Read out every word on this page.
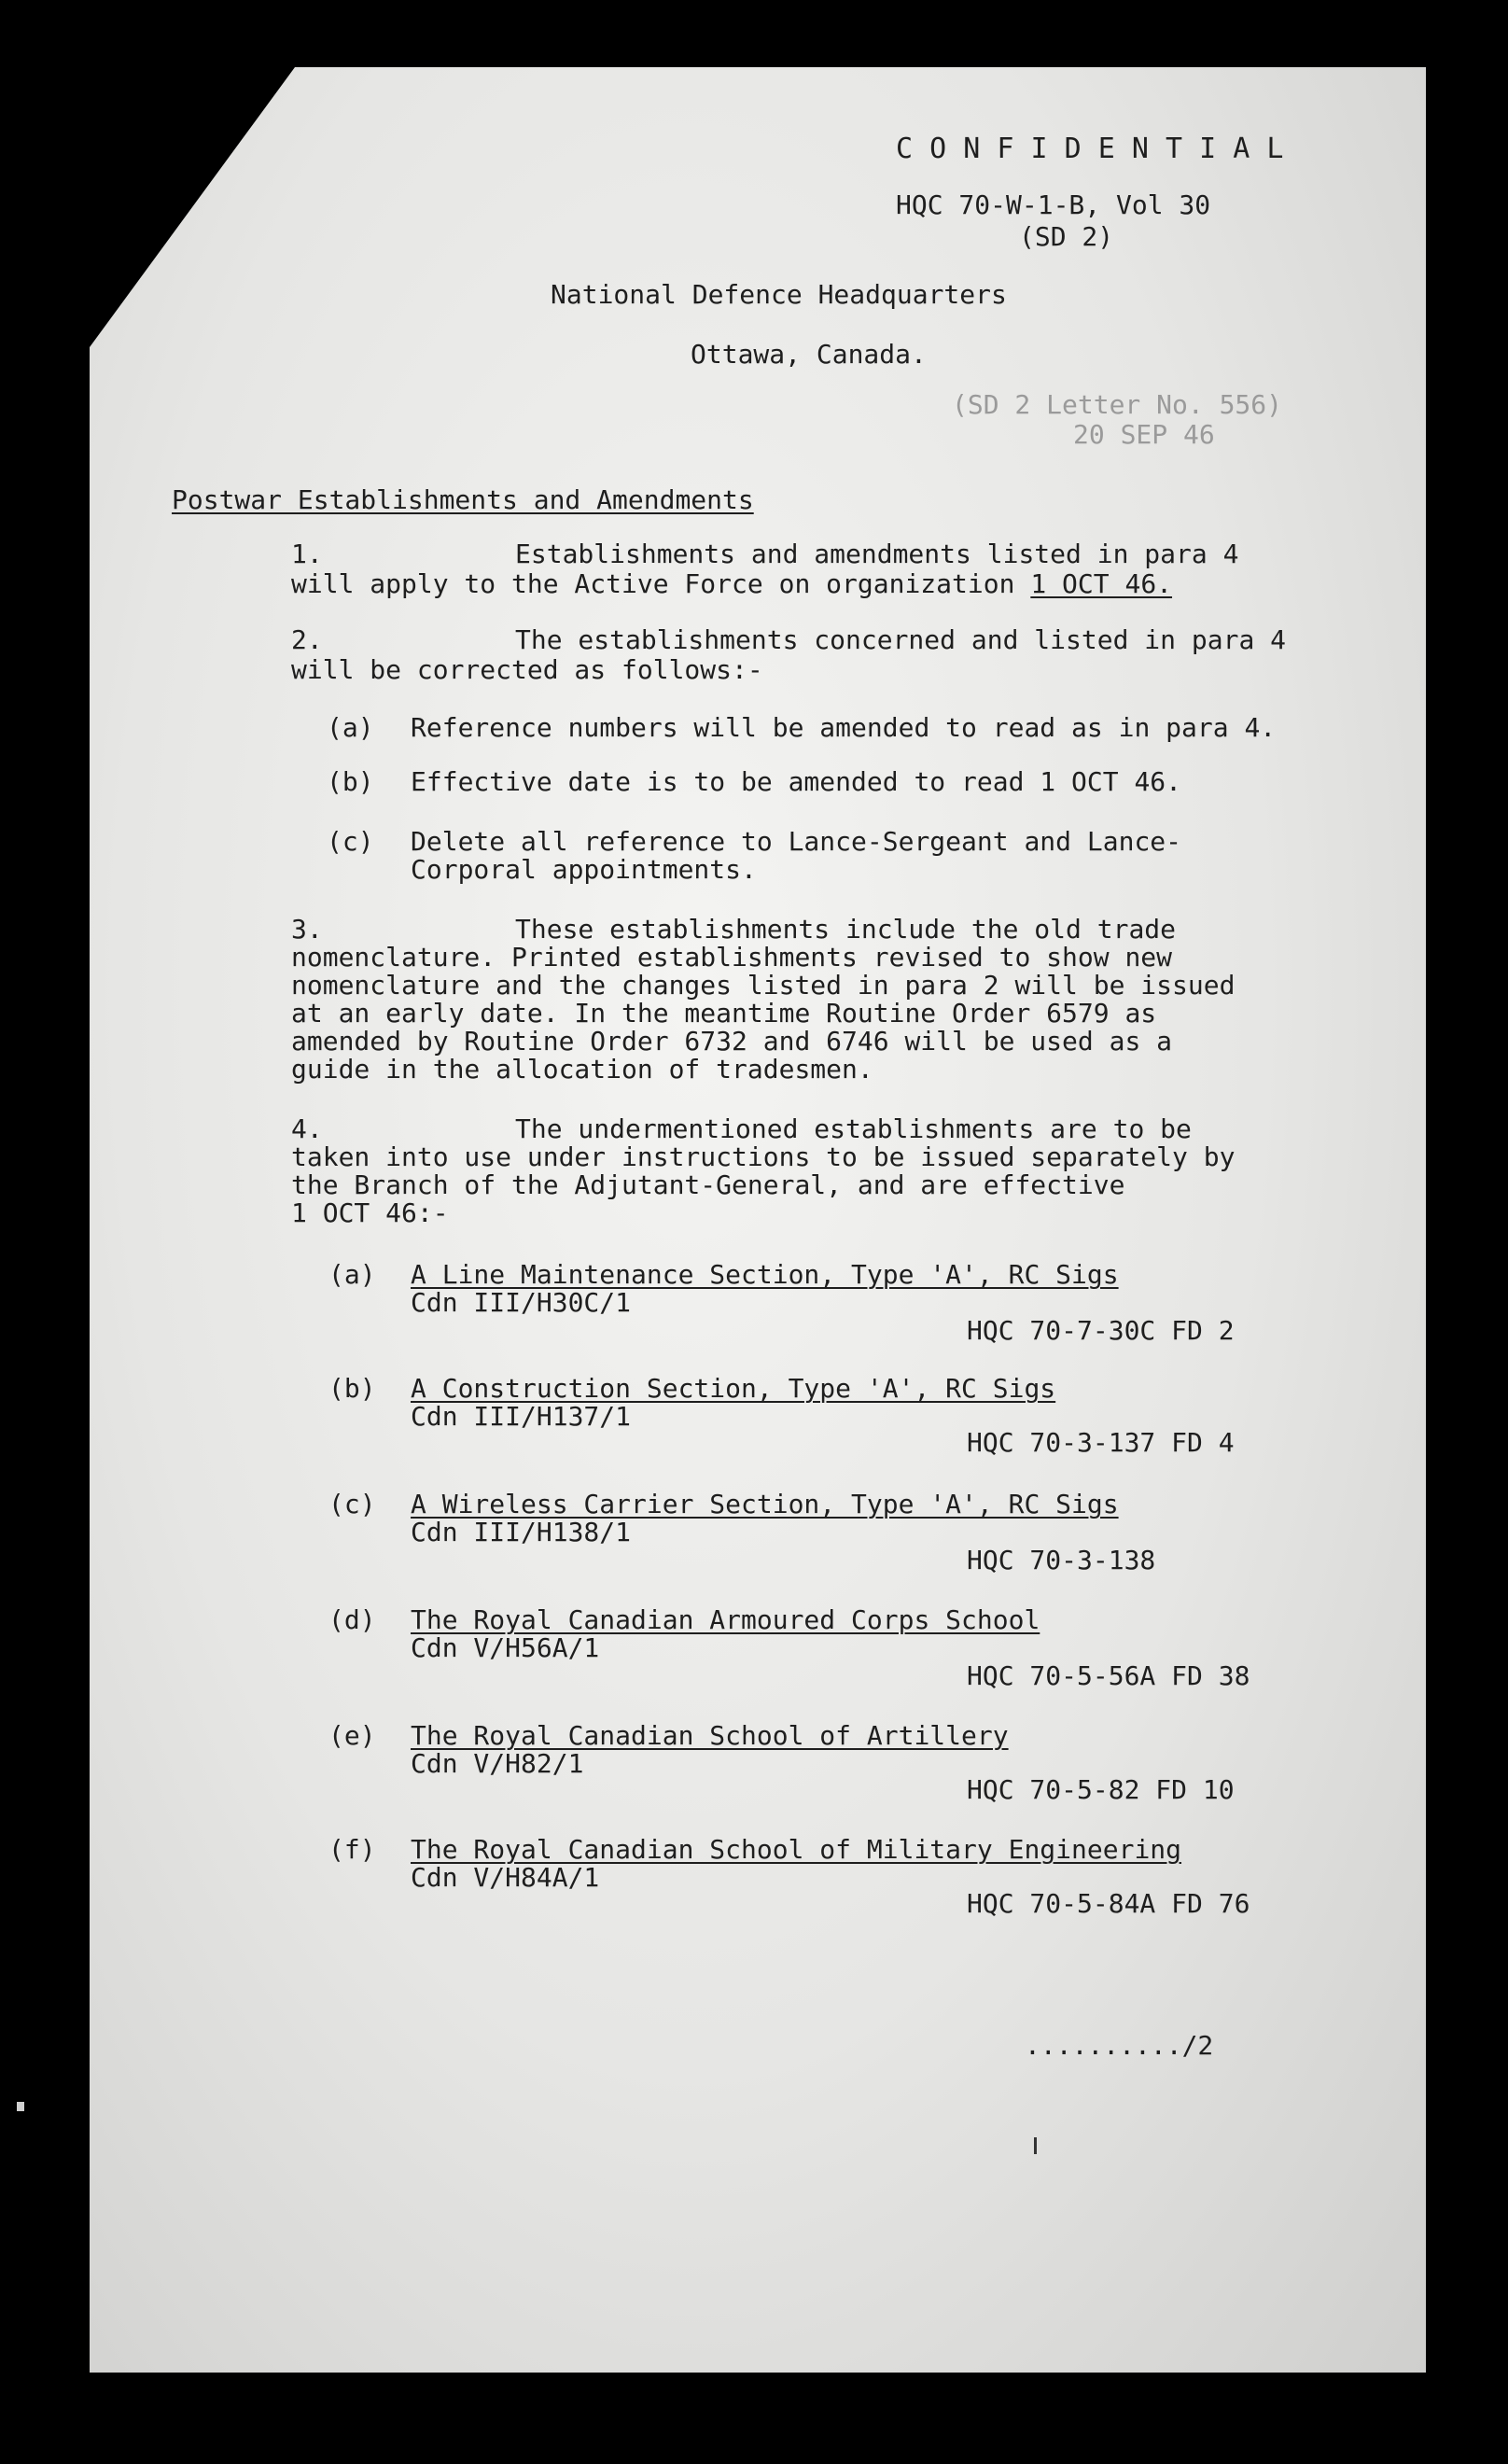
C O N F I D E N T I A L
HQC 70-W-1-B, Vol 30
(SD 2)
National Defence Headquarters
Ottawa, Canada.
(SD 2 Letter No. 556)
20 SEP 46
Postwar Establishments and Amendments
1.	Establishments and amendments listed in para 4
will apply to the Active Force on organization 1 OCT 46.
2.	The establishments concerned and listed in para 4
will be corrected as follows:-
(a) Reference numbers will be amended to read as in para 4.
(b) Effective date is to be amended to read 1 OCT 46.
(c) Delete all reference to Lance-Sergeant and Lance-
Corporal appointments.
3.	These establishments include the old trade
nomenclature. Printed establishments revised to show new
nomenclature and the changes listed in para 2 will be issued
at an early date. In the meantime Routine Order 6579 as
amended by Routine Order 6732 and 6746 will be used as a
guide in the allocation of tradesmen.
4.	The undermentioned establishments are to be
taken into use under instructions to be issued separately by
the Branch of the Adjutant-General, and are effective
1 OCT 46:-
(a) A Line Maintenance Section, Type 'A', RC Sigs
Cdn III/H30C/1
HQC 70-7-30C FD 2
(b) A Construction Section, Type 'A', RC Sigs
Cdn III/H137/1
HQC 70-3-137 FD 4
(c) A Wireless Carrier Section, Type 'A', RC Sigs
Cdn III/H138/1
HQC 70-3-138
(d) The Royal Canadian Armoured Corps School
Cdn V/H56A/1
HQC 70-5-56A FD 38
(e) The Royal Canadian School of Artillery
Cdn V/H82/1
HQC 70-5-82 FD 10
(f) The Royal Canadian School of Military Engineering
Cdn V/H84A/1
HQC 70-5-84A FD 76
........../2
